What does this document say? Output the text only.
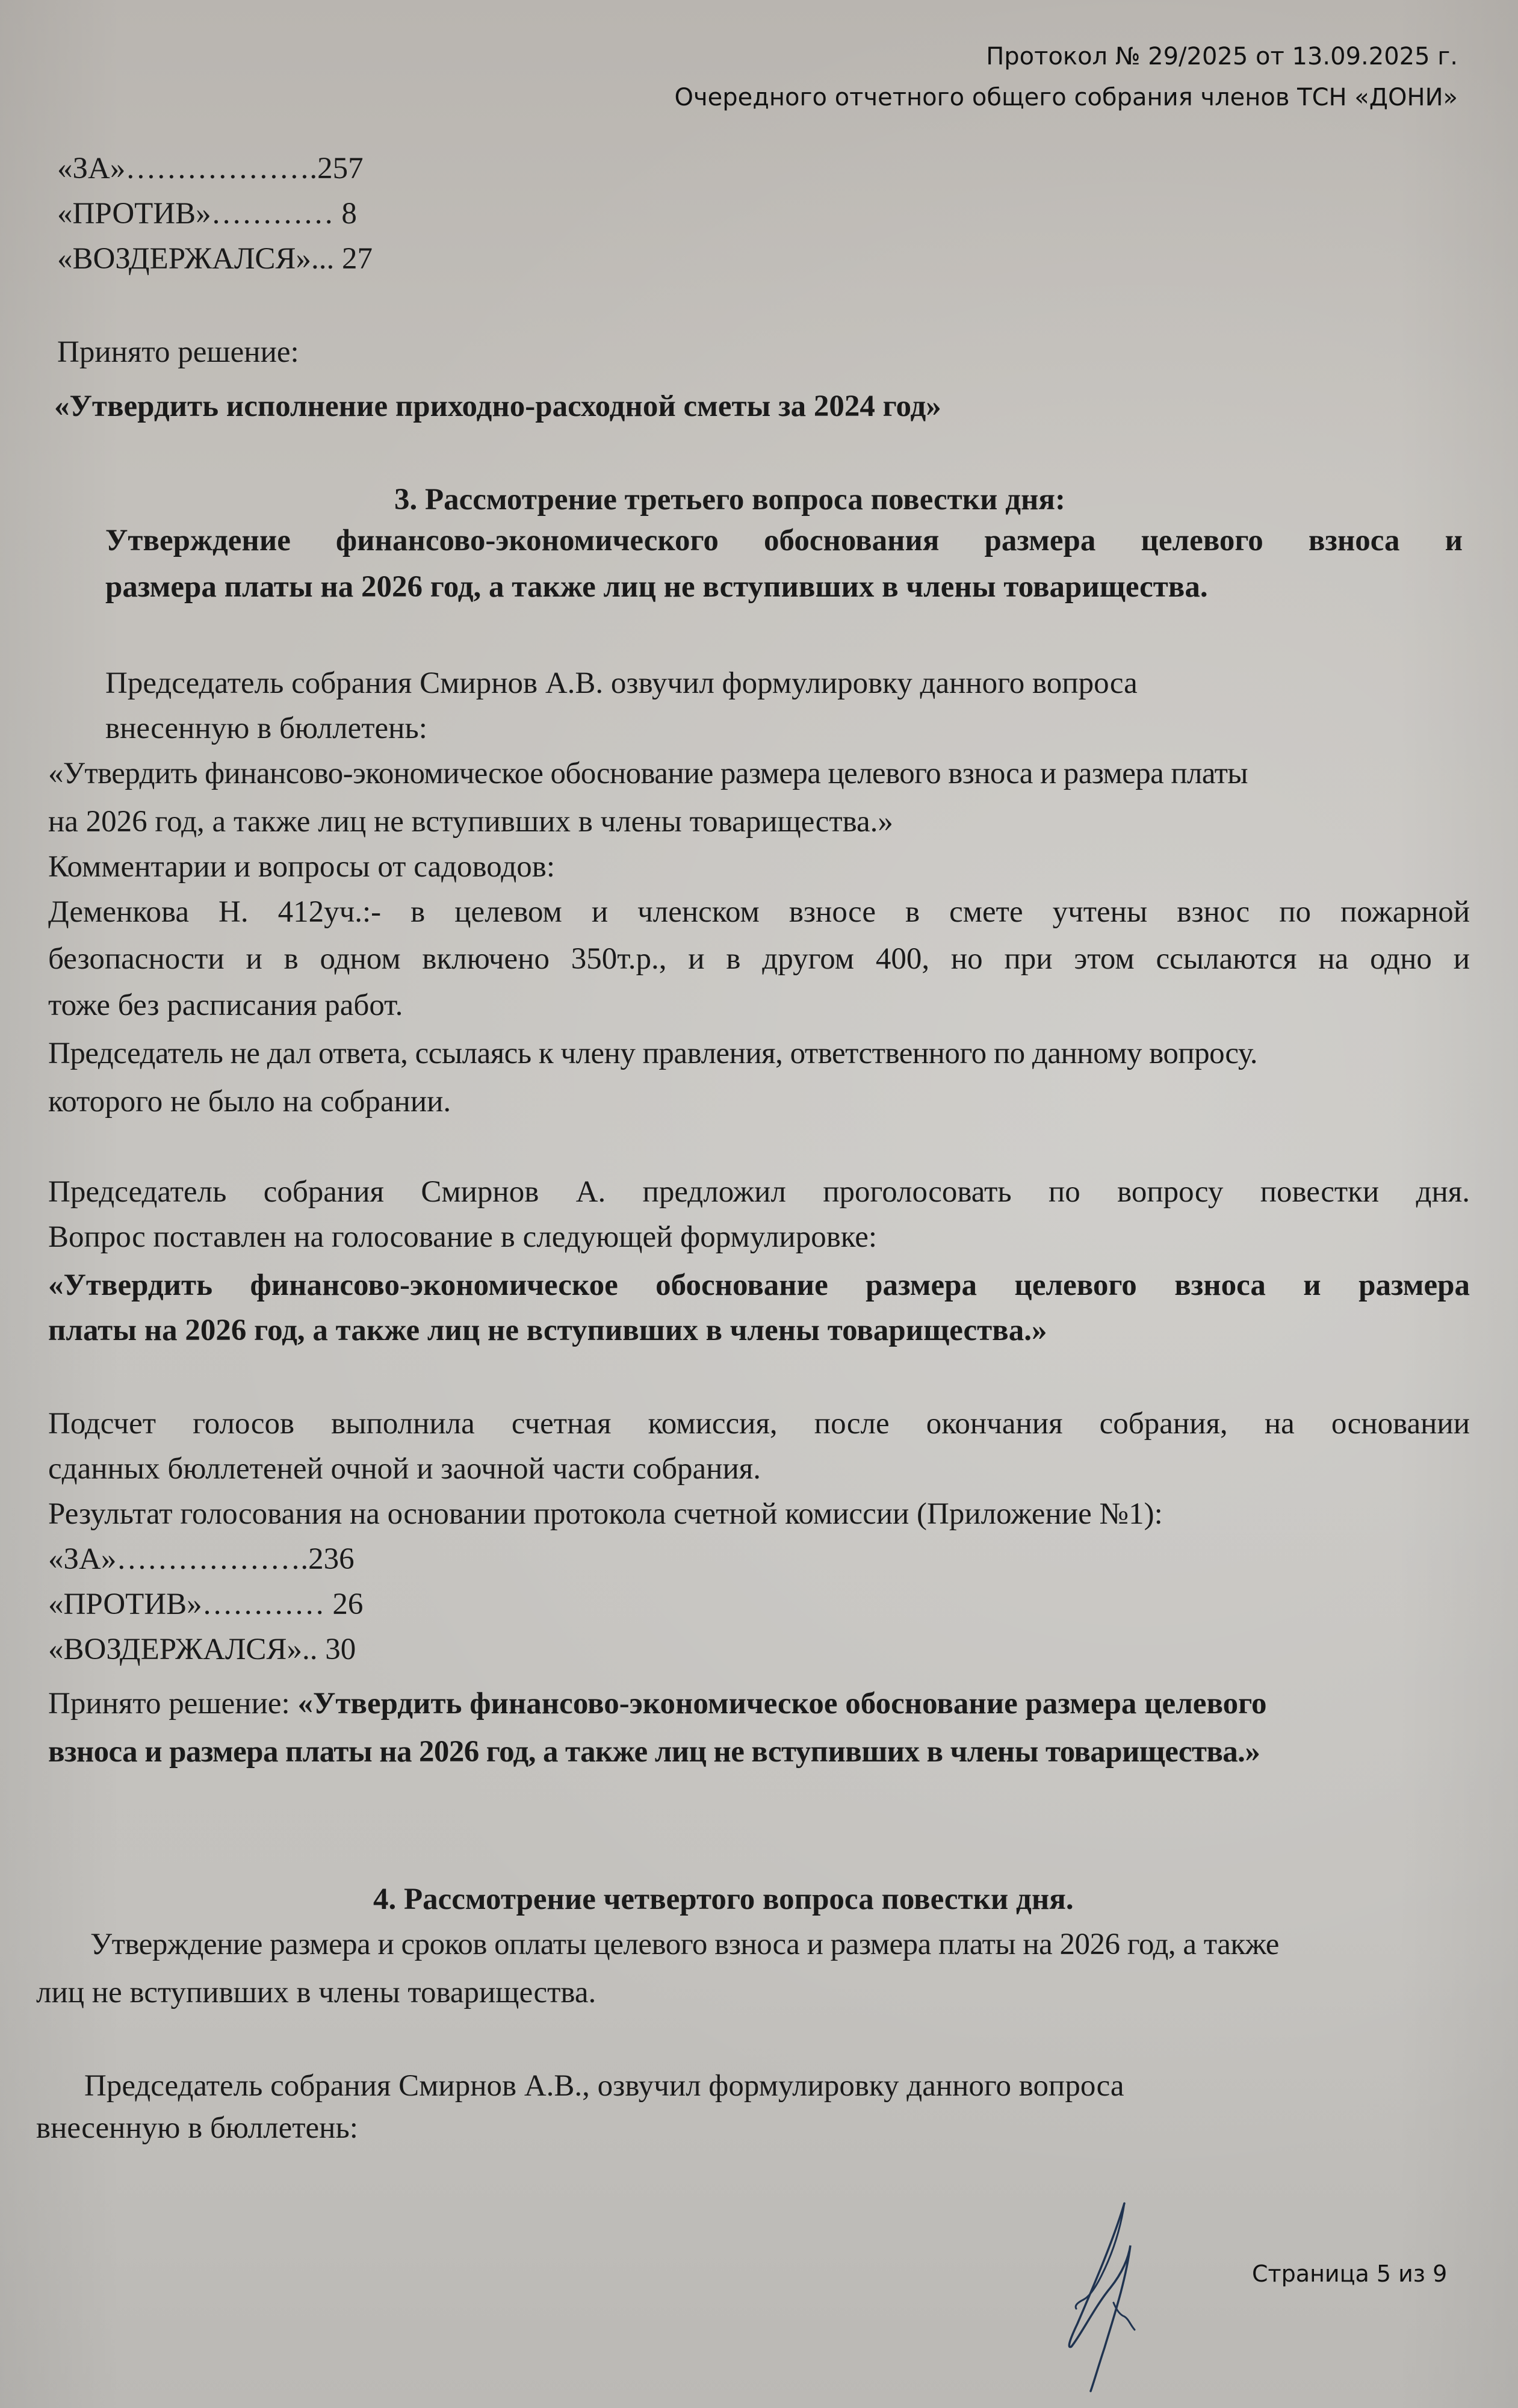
Протокол № 29/2025 от 13.09.2025 г.
Очередного отчетного общего собрания членов ТСН «ДОНИ»
«ЗА»……………….257
«ПРОТИВ»………… 8
«ВОЗДЕРЖАЛСЯ»... 27
Принято решение:
«Утвердить исполнение приходно-расходной сметы за 2024 год»
3. Рассмотрение третьего вопроса повестки дня:
Утверждение финансово-экономического обоснования размера целевого взноса и
размера платы на 2026 год, а также лиц не вступивших в члены товарищества.
Председатель собрания Смирнов А.В. озвучил формулировку данного вопроса
внесенную в бюллетень:
«Утвердить финансово-экономическое обоснование размера целевого взноса и размера платы
на 2026 год, а также лиц не вступивших в члены товарищества.»
Комментарии и вопросы от садоводов:
Деменкова Н. 412уч.:- в целевом и членском взносе в смете учтены взнос по пожарной
безопасности и в одном включено 350т.р., и в другом 400, но при этом ссылаются на одно и
тоже без расписания работ.
Председатель не дал ответа, ссылаясь к члену правления, ответственного по данному вопросу.
которого не было на собрании.
Председатель собрания Смирнов А. предложил проголосовать по вопросу повестки дня.
Вопрос поставлен на голосование в следующей формулировке:
«Утвердить финансово-экономическое обоснование размера целевого взноса и размера
платы на 2026 год, а также лиц не вступивших в члены товарищества.»
Подсчет голосов выполнила счетная комиссия, после окончания собрания, на основании
сданных бюллетеней очной и заочной части собрания.
Результат голосования на основании протокола счетной комиссии (Приложение №1):
«ЗА»……………….236
«ПРОТИВ»………… 26
«ВОЗДЕРЖАЛСЯ».. 30
Принято решение: «Утвердить финансово-экономическое обоснование размера целевого
взноса и размера платы на 2026 год, а также лиц не вступивших в члены товарищества.»
4. Рассмотрение четвертого вопроса повестки дня.
Утверждение размера и сроков оплаты целевого взноса и размера платы на 2026 год, а также
лиц не вступивших в члены товарищества.
Председатель собрания Смирнов А.В., озвучил формулировку данного вопроса
внесенную в бюллетень:
Страница 5 из 9
